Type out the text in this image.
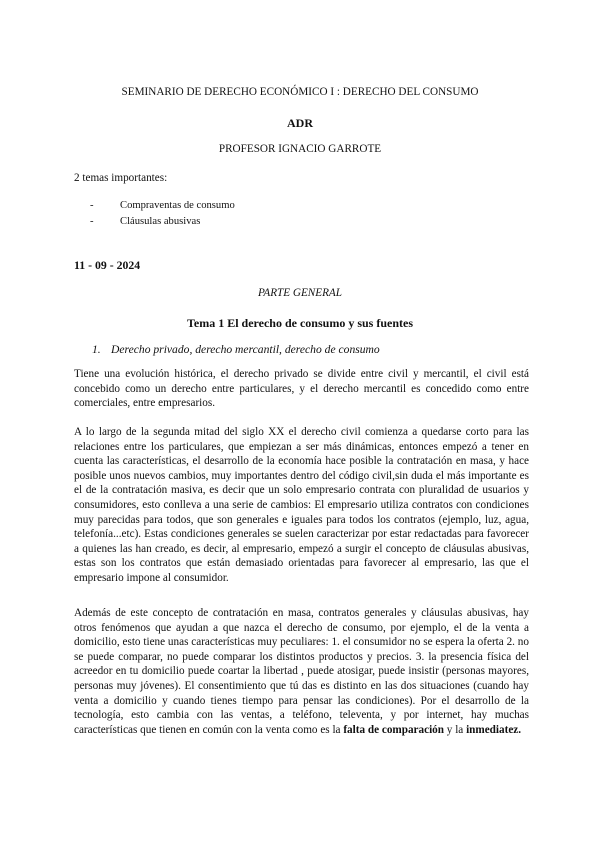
SEMINARIO DE DERECHO ECONÓMICO I : DERECHO DEL CONSUMO

ADR

PROFESOR IGNACIO GARROTE

2 temas importantes:

- Compraventas de consumo
- Cláusulas abusivas

11 - 09 - 2024

PARTE GENERAL

Tema 1 El derecho de consumo y sus fuentes

1. Derecho privado, derecho mercantil, derecho de consumo

Tiene una evolución histórica, el derecho privado se divide entre civil y mercantil, el civil está concebido como un derecho entre particulares, y el derecho mercantil es concedido como entre comerciales, entre empresarios.

A lo largo de la segunda mitad del siglo XX el derecho civil comienza a quedarse corto para las relaciones entre los particulares, que empiezan a ser más dinámicas, entonces empezó a tener en cuenta las características, el desarrollo de la economía hace posible la contratación en masa, y hace posible unos nuevos cambios, muy importantes dentro del código civil,sin duda el más importante es el de la contratación masiva, es decir que un solo empresario contrata con pluralidad de usuarios y consumidores, esto conlleva a una serie de cambios: El empresario utiliza contratos con condiciones muy parecidas para todos, que son generales e iguales para todos los contratos (ejemplo, luz, agua, telefonía...etc). Estas condiciones generales se suelen caracterizar por estar redactadas para favorecer a quienes las han creado, es decir, al empresario, empezó a surgir el concepto de cláusulas abusivas, estas son los contratos que están demasiado orientadas para favorecer al empresario, las que el empresario impone al consumidor.

Además de este concepto de contratación en masa, contratos generales y cláusulas abusivas, hay otros fenómenos que ayudan a que nazca el derecho de consumo, por ejemplo, el de la venta a domicilio, esto tiene unas características muy peculiares: 1. el consumidor no se espera la oferta 2. no se puede comparar, no puede comparar los distintos productos y precios. 3. la presencia física del acreedor en tu domicilio puede coartar la libertad , puede atosigar, puede insistir (personas mayores, personas muy jóvenes). El consentimiento que tú das es distinto en las dos situaciones (cuando hay venta a domicilio y cuando tienes tiempo para pensar las condiciones). Por el desarrollo de la tecnología, esto cambia con las ventas, a teléfono, televenta, y por internet, hay muchas características que tienen en común con la venta como es la falta de comparación y la inmediatez.
